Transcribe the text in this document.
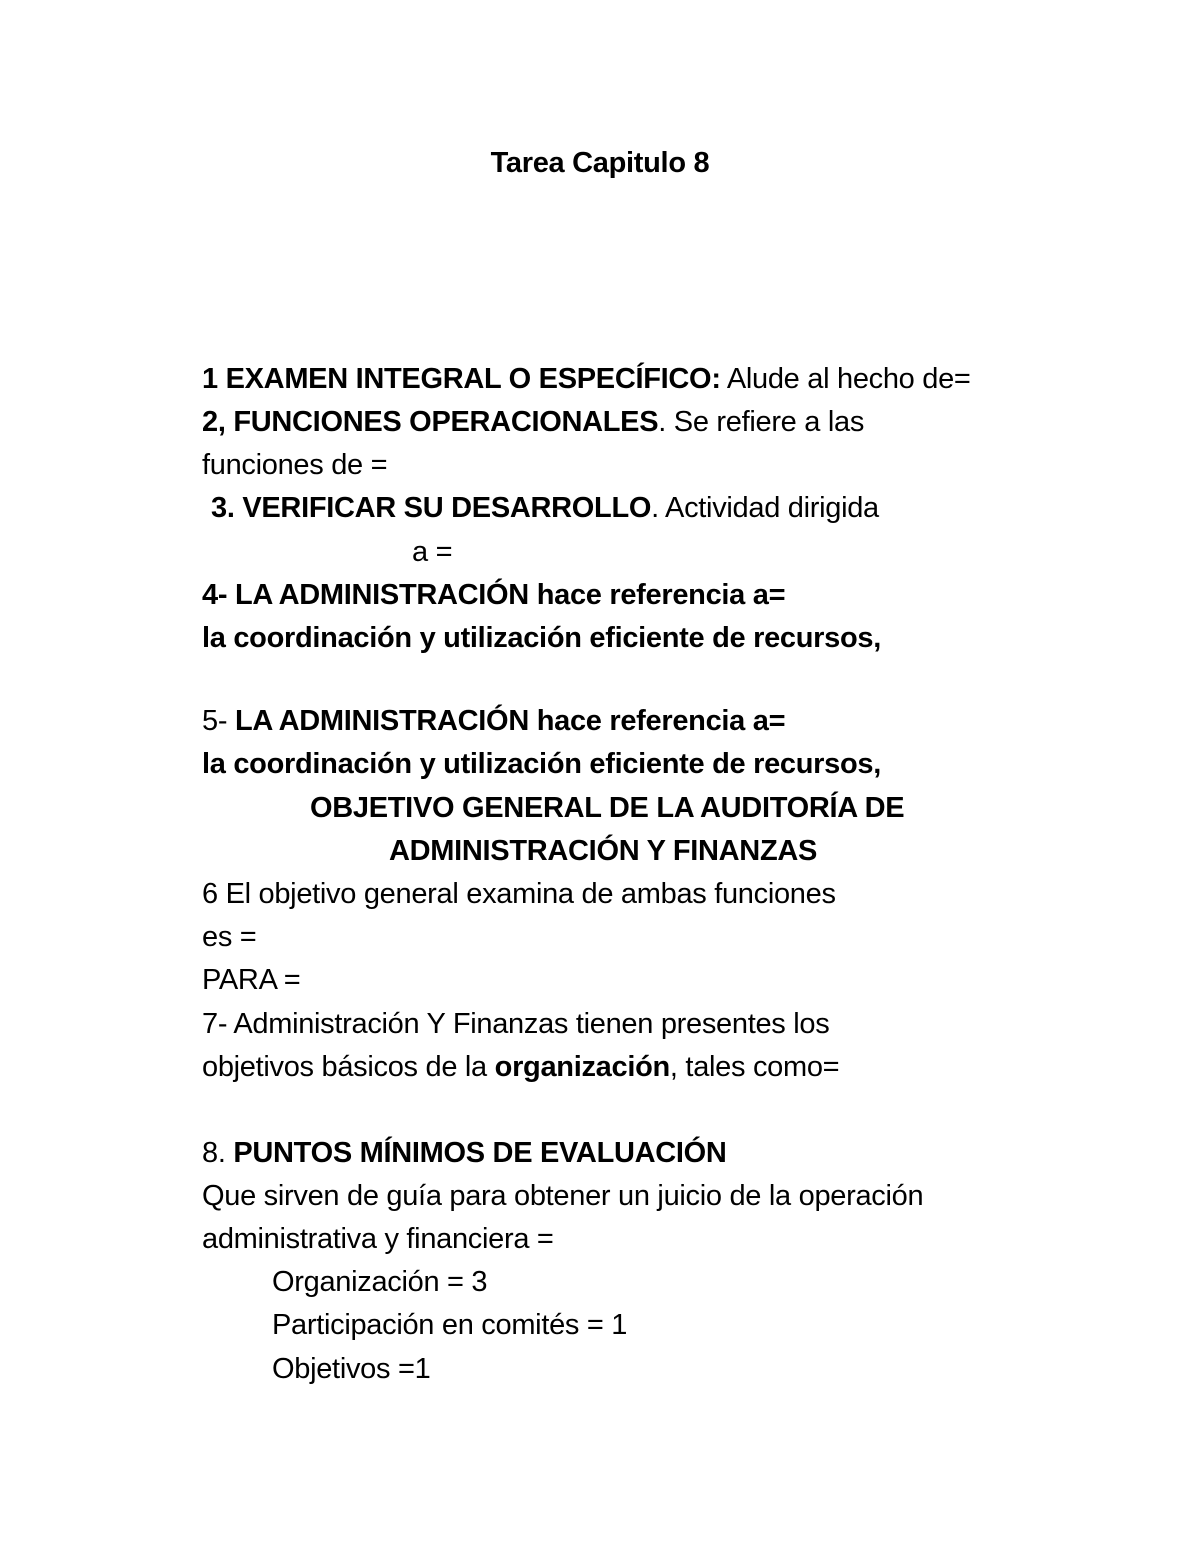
Tarea Capitulo 8
1 EXAMEN INTEGRAL O ESPECÍFICO: Alude al hecho de=
2, FUNCIONES OPERACIONALES. Se refiere a las
funciones de =
3. VERIFICAR SU DESARROLLO. Actividad dirigida
a =
4- LA ADMINISTRACIÓN hace referencia a=
la coordinación y utilización eficiente de recursos,
5- LA ADMINISTRACIÓN hace referencia a=
la coordinación y utilización eficiente de recursos,
OBJETIVO GENERAL DE LA AUDITORÍA DE
ADMINISTRACIÓN Y FINANZAS
6 El objetivo general examina de ambas funciones
es =
PARA =
7- Administración Y Finanzas tienen presentes los
objetivos básicos de la organización, tales como=
8. PUNTOS MÍNIMOS DE EVALUACIÓN
Que sirven de guía para obtener un juicio de la operación
administrativa y financiera =
Organización = 3
Participación en comités = 1
Objetivos =1
